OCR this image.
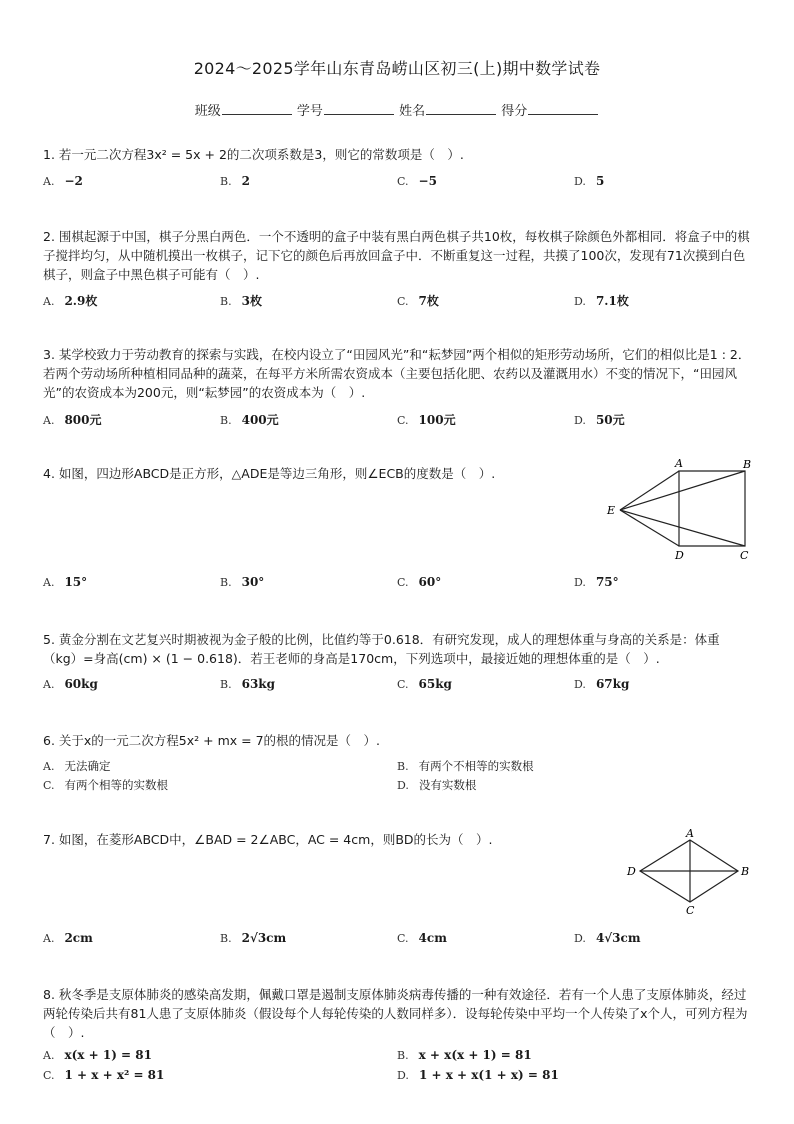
2024～2025学年山东青岛崂山区初三(上)期中数学试卷
班级	学号	姓名	得分
1. 若一元二次方程3x² = 5x + 2的二次项系数是3，则它的常数项是（　）.
A. −2	B. 2	C. −5	D. 5
2. 围棋起源于中国，棋子分黑白两色．一个不透明的盒子中装有黑白两色棋子共10枚，每枚棋子除颜色外都相同．将盒子中的棋子搅拌均匀，从中随机摸出一枚棋子，记下它的颜色后再放回盒子中．不断重复这一过程，共摸了100次，发现有71次摸到白色棋子，则盒子中黑色棋子可能有（　）.
A. 2.9枚	B. 3枚	C. 7枚	D. 7.1枚
3. 某学校致力于劳动教育的探索与实践，在校内设立了“田园风光”和“耘梦园”两个相似的矩形劳动场所，它们的相似比是1 : 2．若两个劳动场所种植相同品种的蔬菜，在每平方米所需农资成本（主要包括化肥、农药以及灌溉用水）不变的情况下，“田园风光”的农资成本为200元，则“耘梦园”的农资成本为（　）.
A. 800元	B. 400元	C. 100元	D. 50元
4. 如图，四边形ABCD是正方形，△ADE是等边三角形，则∠ECB的度数是（　）.
A	B
E
D	C
A. 15°	B. 30°	C. 60°	D. 75°
5. 黄金分割在文艺复兴时期被视为金子般的比例，比值约等于0.618．有研究发现，成人的理想体重与身高的关系是：体重（kg）=身高(cm) × (1 − 0.618)．若王老师的身高是170cm，下列选项中，最接近她的理想体重的是（　）.
A. 60kg	B. 63kg	C. 65kg	D. 67kg
6. 关于x的一元二次方程5x² + mx = 7的根的情况是（　）.
A. 无法确定	B. 有两个不相等的实数根
C. 有两个相等的实数根	D. 没有实数根
7. 如图，在菱形ABCD中，∠BAD = 2∠ABC，AC = 4cm，则BD的长为（　）.	A
B
C
D
A. 2cm	B. 2√3cm	C. 4cm	D. 4√3cm
8. 秋冬季是支原体肺炎的感染高发期，佩戴口罩是遏制支原体肺炎病毒传播的一种有效途径．若有一个人患了支原体肺炎，经过两轮传染后共有81人患了支原体肺炎（假设每个人每轮传染的人数同样多）．设每轮传染中平均一个人传染了x个人，可列方程为（　）.
A. x(x + 1) = 81	B. x + x(x + 1) = 81
C. 1 + x + x² = 81	D. 1 + x + x(1 + x) = 81
